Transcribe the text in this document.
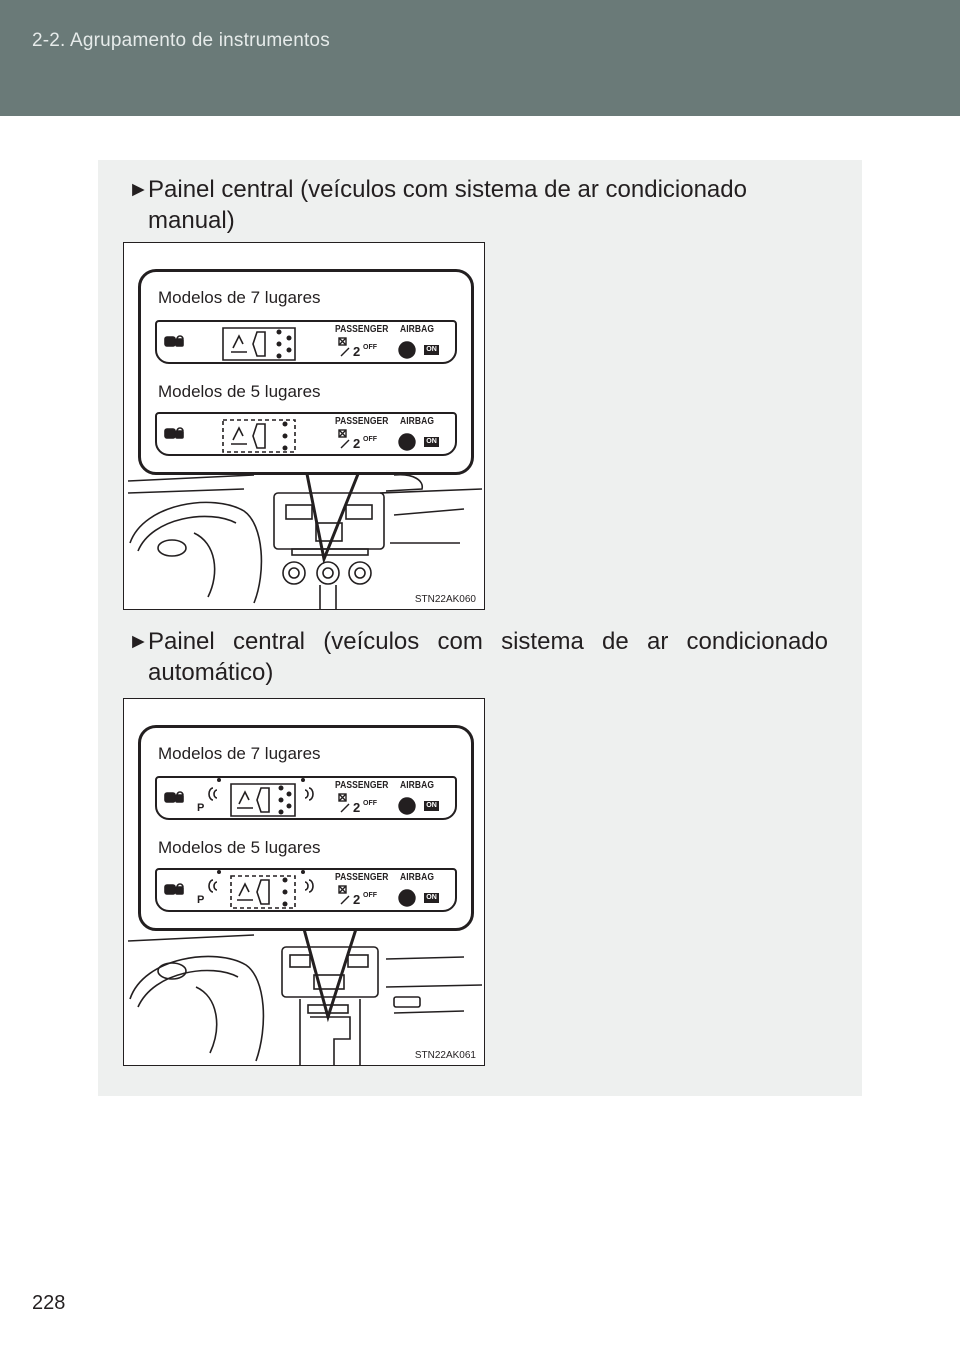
2-2. Agrupamento de instrumentos
► Painel central (veículos com sistema de ar condicionado manual)
Modelos de 7 lugares
PASSENGER AIRBAG
2 OFF	ON
Modelos de 5 lugares
PASSENGER AIRBAG
2 OFF	ON
STN22AK060
► Painel central (veículos com sistema de ar condicionado automático)
Modelos de 7 lugares
PASSENGER AIRBAG
2 OFF	ON
P
Modelos de 5 lugares
PASSENGER AIRBAG
2 OFF	ON
P
STN22AK061
228
